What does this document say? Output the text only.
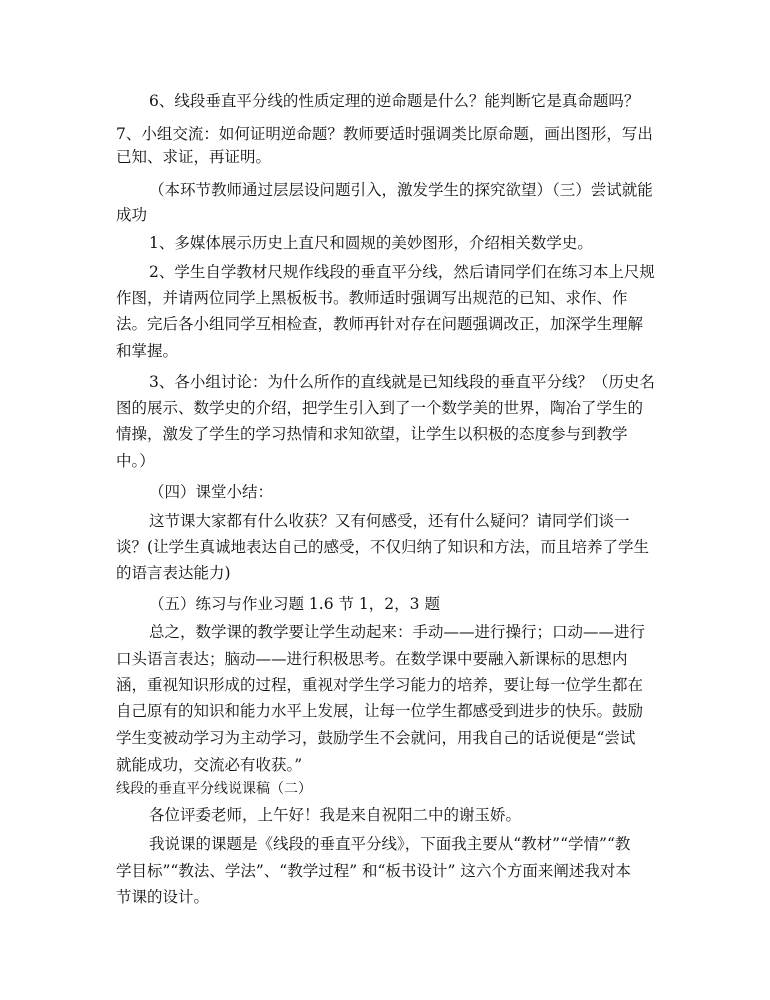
6、线段垂直平分线的性质定理的逆命题是什么？能判断它是真命题吗？
7、小组交流：如何证明逆命题？教师要适时强调类比原命题，画出图形，写出
已知、求证，再证明。
（本环节教师通过层层设问题引入，激发学生的探究欲望）（三）尝试就能
成功
1、多媒体展示历史上直尺和圆规的美妙图形，介绍相关数学史。
2、学生自学教材尺规作线段的垂直平分线，然后请同学们在练习本上尺规
作图，并请两位同学上黑板板书。教师适时强调写出规范的已知、求作、作
法。完后各小组同学互相检查，教师再针对存在问题强调改正，加深学生理解
和掌握。
3、各小组讨论：为什么所作的直线就是已知线段的垂直平分线？（历史名
图的展示、数学史的介绍，把学生引入到了一个数学美的世界，陶冶了学生的
情操，激发了学生的学习热情和求知欲望，让学生以积极的态度参与到教学
中。）
（四）课堂小结：
这节课大家都有什么收获？又有何感受，还有什么疑问？请同学们谈一
谈？(让学生真诚地表达自己的感受，不仅归纳了知识和方法，而且培养了学生
的语言表达能力)
（五）练习与作业习题 1.6 节 1，2，3 题
总之，数学课的教学要让学生动起来：手动——进行操行；口动——进行
口头语言表达；脑动——进行积极思考。在数学课中要融入新课标的思想内
涵，重视知识形成的过程，重视对学生学习能力的培养，要让每一位学生都在
自己原有的知识和能力水平上发展，让每一位学生都感受到进步的快乐。鼓励
学生变被动学习为主动学习，鼓励学生不会就问，用我自己的话说便是“尝试
就能成功，交流必有收获。”
线段的垂直平分线说课稿（二）
各位评委老师，上午好！我是来自祝阳二中的谢玉娇。
我说课的课题是《线段的垂直平分线》，下面我主要从“教材”“学情”“教
学目标”“教法、学法”、“教学过程” 和“板书设计” 这六个方面来阐述我对本
节课的设计。
